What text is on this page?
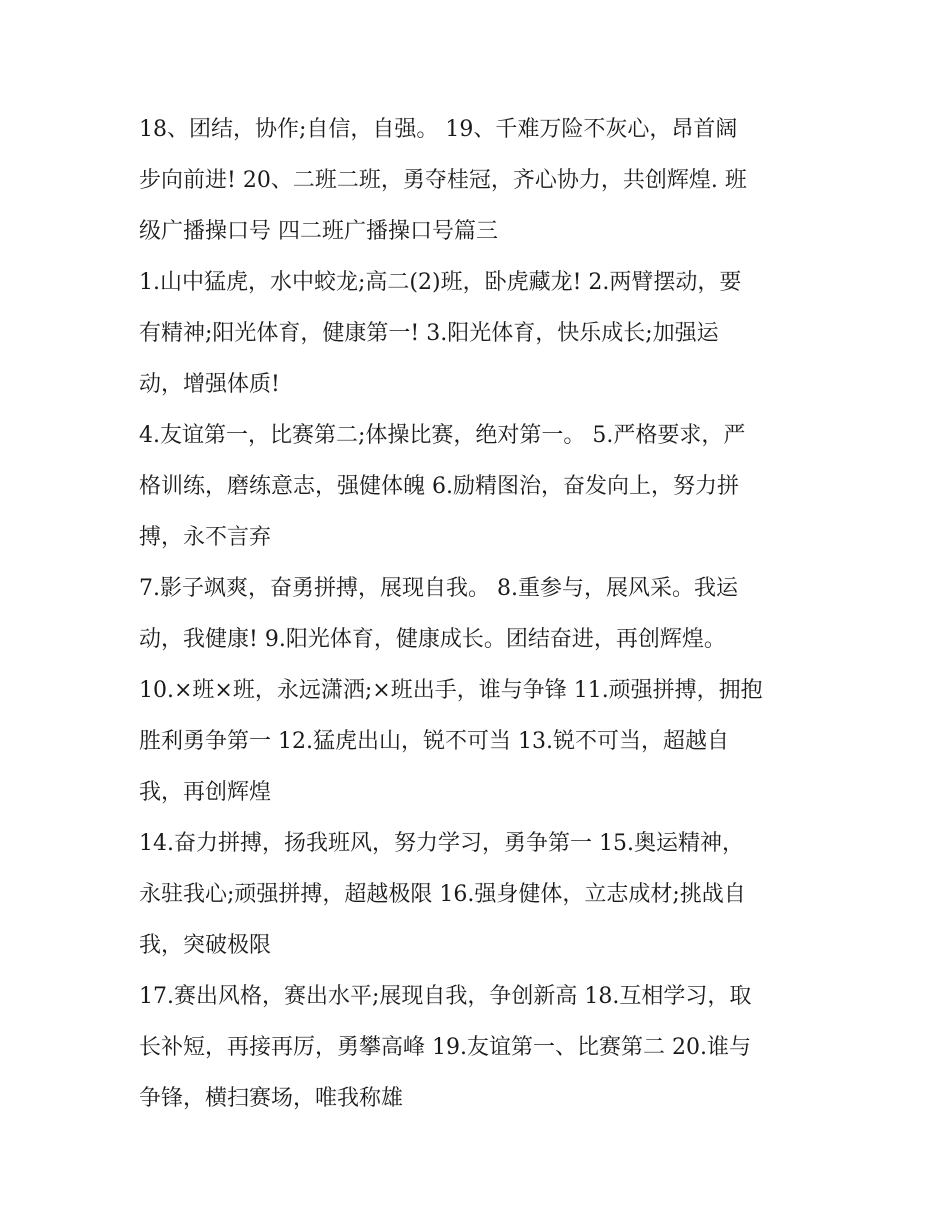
18、团结，协作;自信，自强。 19、千难万险不灰心，昂首阔
步向前进! 20、二班二班，勇夺桂冠，齐心协力，共创辉煌. 班
级广播操口号 四二班广播操口号篇三
1.山中猛虎，水中蛟龙;高二(2)班，卧虎藏龙! 2.两臂摆动，要
有精神;阳光体育，健康第一! 3.阳光体育，快乐成长;加强运
动，增强体质!
4.友谊第一，比赛第二;体操比赛，绝对第一。 5.严格要求，严
格训练，磨练意志，强健体魄 6.励精图治，奋发向上，努力拼
搏，永不言弃
7.影子飒爽，奋勇拼搏，展现自我。 8.重参与，展风采。我运
动，我健康! 9.阳光体育，健康成长。团结奋进，再创辉煌。
10.×班×班，永远潇洒;×班出手，谁与争锋 11.顽强拼搏，拥抱
胜利勇争第一 12.猛虎出山，锐不可当 13.锐不可当，超越自
我，再创辉煌
14.奋力拼搏，扬我班风，努力学习，勇争第一 15.奥运精神，
永驻我心;顽强拼搏，超越极限 16.强身健体，立志成材;挑战自
我，突破极限
17.赛出风格，赛出水平;展现自我，争创新高 18.互相学习，取
长补短，再接再厉，勇攀高峰 19.友谊第一、比赛第二 20.谁与
争锋，横扫赛场，唯我称雄
